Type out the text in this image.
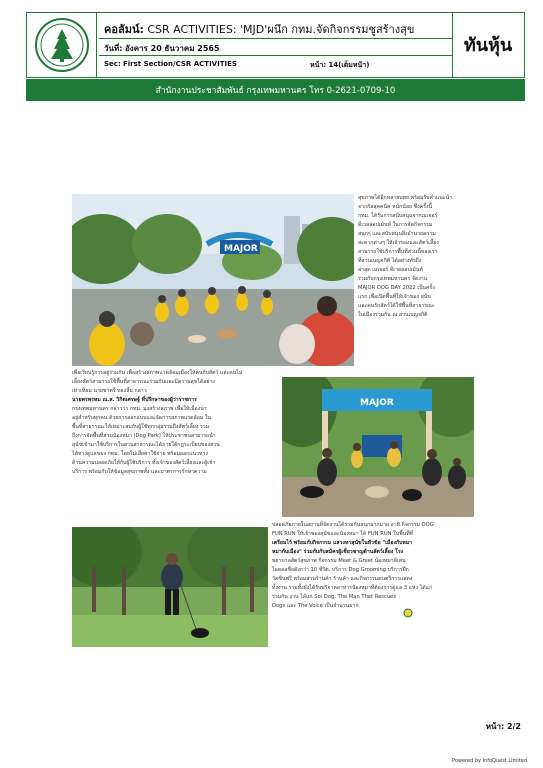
คอลัมน์: CSR ACTIVITIES: 'MJD'ผนึก กทม.จัดกิจกรรมชูสร้างสุข
วันที่: อังคาร 20 ธันวาคม 2565
Sec: First Section/CSR ACTIVITIES	หน้า: 14(เต็มหน้า)
ทันหุ้น
สำนักงานประชาสัมพันธ์ กรุงเทพมหานคร โทร 0-2621-0709-10
MAJOR
สุขภาพได้อีกหลายบทย พร้อมรับคำแนะนำ
จากกัสสุคคนิค หนักน้อย ซึ่งครั้งนี้
กทม. ได้รับการสนับสนุนจากเมเจอร์
ดีเวลลอปเม้นท์ ในการจัดกิจกรรม
สนุกๆ และสนับสนุนสิ่งอำนวยความ
สะดวกต่างๆ ให้เจ้าของและสัตว์เลี้ยง
สามารถใช้บริการพื้นที่ส่วนนี้ของเรา
ที่สวนเบญจกิติ ได้อย่างทั่วถึง
ล่าสุด เมเจอร์ ดีเวลลอปเม้นท์
ร่วมกับกรุงเทพมหานคร จัดงาน
MAJOR DOG DAY 2022 เป็นครั้ง
แรก เพื่อเปิดพื้นที่ให้เจ้าของ สุนัข
และคนรักสัตว์ได้ใช้พื้นที่สาธารณะ
ในเมืองร่วมกัน ณ สวนเบญจกิติ
เพื่อเรียนรู้การอยู่ร่วมกัน เพื่อสร้างสภาพแวดล้อมเมืองให้คนกับสัตว์ และคนไม่
เลี้ยงสัตว์สามารถใช้พื้นที่สาธารณะร่วมกันและมีความสุขได้อย่าง
เท่าเทียม นายชาตรี ทองลิ้ม กล่าว
นายพรพรหม ณ.ส. วิกิตเศรษฐ์ ที่ปรึกษาของผู้ว่าราชการ
กรุงเทพมหานคร กล่าวว่า กทม. มุ่งสร้างสภาพ เพื่อให้เมืองน่า
อยู่สำหรับทุกคน ด้วยการออกแบบและจัดการสภาพแวดล้อม ใน
พื้นที่สาธารณะให้เหมาะสมกับผู้ใช้ทุกกลุ่มรวมถึงสัตว์เลี้ยง รวม
ถึงการจัดพื้นที่สวนน้องหมา (Dog Park) ให้ประชาชนสามารถนำ
สุนัขเข้ามาใช้บริการในสวนสาธารณะได้ภายใต้กฎระเบียบของสวน
ได้ทางดูแลของ กทม. โดยไม่เสียค่าใช้จ่าย พร้อมออกแนวทาง
ด้านความปลอดภัยให้กับผู้ใช้บริการ ทั้งเจ้าของสัตว์เลี้ยงและผู้เข้า
บริการ พร้อมกับให้ข้อมูลสุขภาพทั้ง และมาตรการรักษาความ
MAJOR
ปลอดภัยภายในสถานที่จัดงานได้ร่วมกันสนุกมากมาย อาทิ กิจกรรม DOG
FUN RUN ให้เจ้าของสุนัขและน้องหมา ได้ FUN RUN ในพื้นที่ที่
เตรียมไว้ พร้อมกับกิจกรรม แสวงหาสุนัขในหัวข้อ "เมืองกับหมา
หมากับเมือง" ร่วมกับกับสมัครผู้เชี่ยวชาญด้านสัตว์เลี้ยง โรง
พยาบาลสัตว์สุขภาพ กิจกรรม Meet & Greet น้องหมาดีเด่น
ไอดอลชื่อดังกว่า 10 ชีวิต, บริการ Dog Grooming บริการฝึก
วัคซีนฟรี พร้อมส่วนร้านค้า ร้านค้า และกิจกรรมดนตรีการแสดง
ทั้งงาน รวมทั้งยังได้รับบริจาคอาหารน้องหมาที่ต้องการดูแล 3 แห่ง ได้แก่
ร่วมกัน งาน ได้แก่ Soi Dog, The Man That Rescues
Dogs และ The Voice เป็นจำนวนมาก
หน้า: 2/2
Powered by InfoQuest Limited
